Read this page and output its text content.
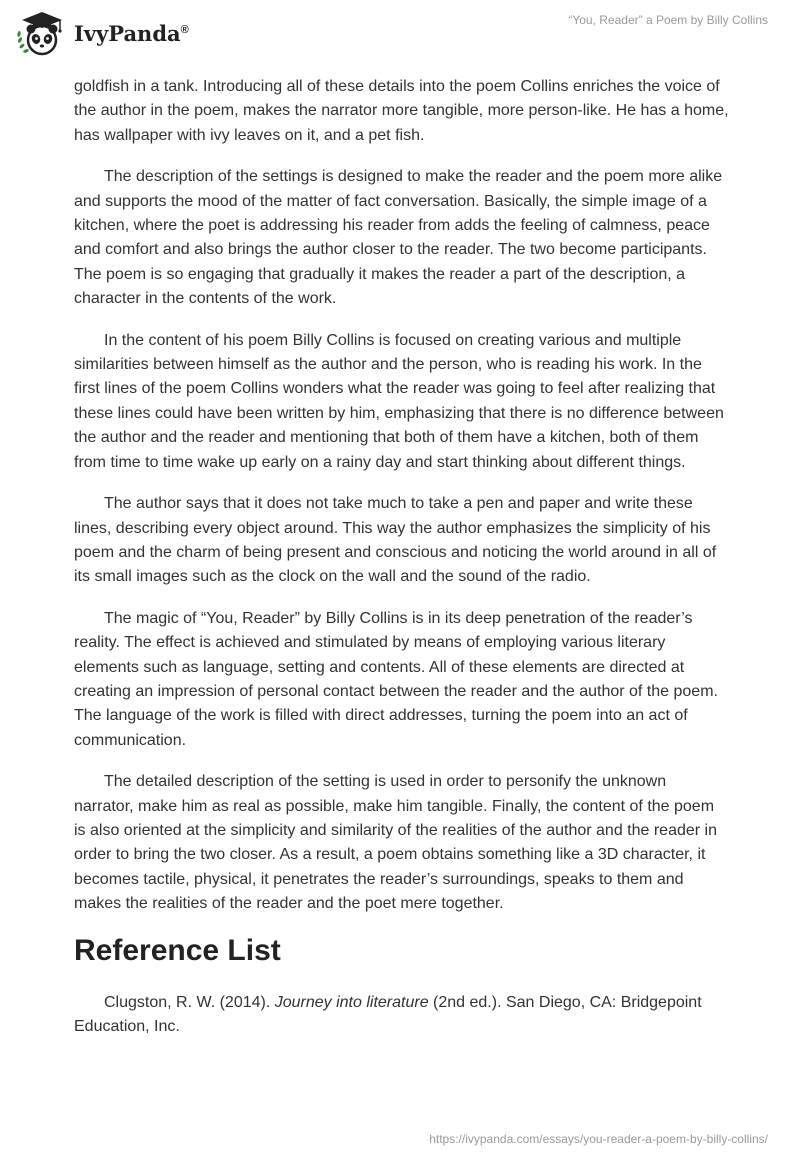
IvyPanda®
“You, Reader” a Poem by Billy Collins

goldfish in a tank. Introducing all of these details into the poem Collins enriches the voice of the author in the poem, makes the narrator more tangible, more person-like. He has a home, has wallpaper with ivy leaves on it, and a pet fish.

The description of the settings is designed to make the reader and the poem more alike and supports the mood of the matter of fact conversation. Basically, the simple image of a kitchen, where the poet is addressing his reader from adds the feeling of calmness, peace and comfort and also brings the author closer to the reader. The two become participants. The poem is so engaging that gradually it makes the reader a part of the description, a character in the contents of the work.

In the content of his poem Billy Collins is focused on creating various and multiple similarities between himself as the author and the person, who is reading his work. In the first lines of the poem Collins wonders what the reader was going to feel after realizing that these lines could have been written by him, emphasizing that there is no difference between the author and the reader and mentioning that both of them have a kitchen, both of them from time to time wake up early on a rainy day and start thinking about different things.

The author says that it does not take much to take a pen and paper and write these lines, describing every object around. This way the author emphasizes the simplicity of his poem and the charm of being present and conscious and noticing the world around in all of its small images such as the clock on the wall and the sound of the radio.

The magic of “You, Reader” by Billy Collins is in its deep penetration of the reader’s reality. The effect is achieved and stimulated by means of employing various literary elements such as language, setting and contents. All of these elements are directed at creating an impression of personal contact between the reader and the author of the poem. The language of the work is filled with direct addresses, turning the poem into an act of communication.

The detailed description of the setting is used in order to personify the unknown narrator, make him as real as possible, make him tangible. Finally, the content of the poem is also oriented at the simplicity and similarity of the realities of the author and the reader in order to bring the two closer. As a result, a poem obtains something like a 3D character, it becomes tactile, physical, it penetrates the reader’s surroundings, speaks to them and makes the realities of the reader and the poet mere together.

Reference List

Clugston, R. W. (2014). Journey into literature (2nd ed.). San Diego, CA: Bridgepoint Education, Inc.

https://ivypanda.com/essays/you-reader-a-poem-by-billy-collins/
